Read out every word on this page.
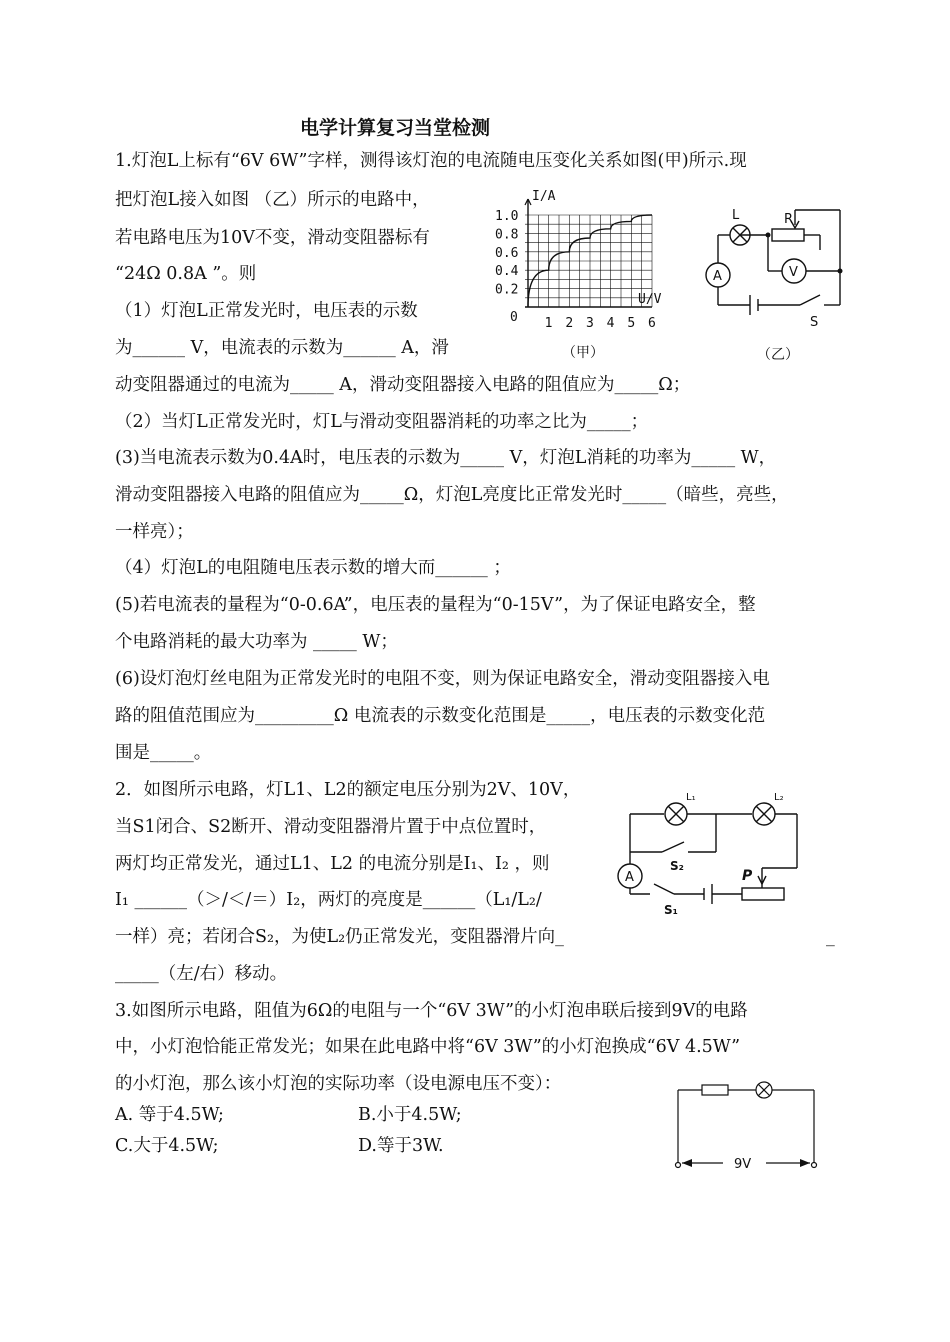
电学计算复习当堂检测
1.灯泡L上标有“6V 6W”字样，测得该灯泡的电流随电压变化关系如图(甲)所示.现
把灯泡L接入如图 （乙）所示的电路中，
若电路电压为10V不变，滑动变阻器标有
“24Ω 0.8A ”。则
（1）灯泡L正常发光时，电压表的示数
为______ V，电流表的示数为______ A，滑
动变阻器通过的电流为_____ A，滑动变阻器接入电路的阻值应为_____Ω；
（2）当灯L正常发光时，灯L与滑动变阻器消耗的功率之比为_____；
(3)当电流表示数为0.4A时，电压表的示数为_____ V，灯泡L消耗的功率为_____ W，
滑动变阻器接入电路的阻值应为_____Ω，灯泡L亮度比正常发光时_____（暗些，亮些，
一样亮）；
（4）灯泡L的电阻随电压表示数的增大而______ ；
(5)若电流表的量程为“0-0.6A”，电压表的量程为“0-15V”，为了保证电路安全，整
个电路消耗的最大功率为 _____ W；
(6)设灯泡灯丝电阻为正常发光时的电阻不变，则为保证电路安全，滑动变阻器接入电
路的阻值范围应为_________Ω 电流表的示数变化范围是_____，电压表的示数变化范
围是_____。
2．如图所示电路，灯L1、L2的额定电压分别为2V、10V，
当S1闭合、S2断开、滑动变阻器滑片置于中点位置时，
两灯均正常发光，通过L1、L2 的电流分别是I₁、I₂ ，则
I₁ ______（＞/＜/＝）I₂，两灯的亮度是______（L₁/L₂/
一样）亮；若闭合S₂，为使L₂仍正常发光，变阻器滑片向_
_____（左/右）移动。
3.如图所示电路，阻值为6Ω的电阻与一个“6V 3W”的小灯泡串联后接到9V的电路
中，小灯泡恰能正常发光；如果在此电路中将“6V 3W”的小灯泡换成“6V 4.5W”
的小灯泡，那么该小灯泡的实际功率（设电源电压不变）：
A. 等于4.5W;	B.小于4.5W;
C.大于4.5W;	D.等于3W.
_
I/A
U/V
1.0
0.8
0.6
0.4
0.2
0 1 2 3 4 5 6
（甲）
L	R
A	V
S
（乙）
L₁	L₂
S₂
S₁
A	P
9V
